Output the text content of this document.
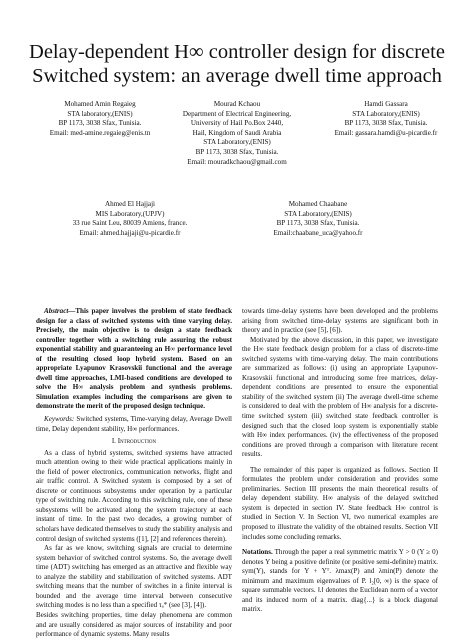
Delay-dependent H∞ controller design for discrete
Switched system: an average dwell time approach
Mohamed Amin Regaieg
STA laboratory,(ENIS)
BP 1173, 3038 Sfax, Tunisia.
Email: med-amine.regaieg@enis.tn
Mourad Kchaou
Department of Electrical Engineering,
University of Hail Po.Box 2440,
Hail, Kingdom of Saudi Arabia
STA Laboratory,(ENIS)
BP 1173, 3038 Sfax, Tunisia.
Email: mouradkchaou@gmail.com
Hamdi Gassara
STA Laboratory,(ENIS)
BP 1173, 3038 Sfax, Tunisia.
Email: gassara.hamdi@u-picardie.fr
Ahmed El Hajjaji
MIS Laboratory,(UPJV)
33 rue Saint Leu, 80039 Amiens, france.
Email: ahmed.hajjaji@u-picardie.fr
Mohamed Chaabane
STA Laboratory,(ENIS)
BP 1173, 3038 Sfax, Tunisia.
Email:chaabane_uca@yahoo.fr

Abstract—This paper involves the problem of state feedback design for a class of switched systems with time varying delay. Precisely, the main objective is to design a state feedback controller together with a switching rule assuring the robust exponential stability and guaranteeing an H∞ performance level of the resulting closed loop hybrid system. Based on an appropriate Lyapunov Krasovskii functional and the average dwell time approaches, LMI-based conditions are developed to solve the H∞ analysis problem and synthesis problems. Simulation examples including the comparisons are given to demonstrate the merit of the proposed design technique.

Keywords: Switched systems, Time-varying delay, Average Dwell time, Delay dependent stability, H∞ performances.

I. Introduction

As a class of hybrid systems, switched systems have attracted much attention owing to their wide practical applications mainly in the field of power electronics, communication networks, flight and air traffic control. A Switched system is composed by a set of discrete or continuous subsystems under operation by a particular type of switching rule. According to this switching rule, one of these subsystems will be activated along the system trajectory at each instant of time. In the past two decades, a growing number of scholars have dedicated themselves to study the stability analysis and control design of switched systems ([1], [2] and references therein).

As far as we know, switching signals are crucial to determine system behavior of switched control systems. So, the average dwell time (ADT) switching has emerged as an attractive and flexible way to analyze the stability and stabilization of switched systems. ADT switching means that the number of switches in a finite interval is bounded and the average time interval between consecutive switching modes is no less than a specified τₐ* (see [3], [4]).

Besides switching properties, time delay phenomena are common and are usually considered as major sources of instability and poor performance of dynamic systems. Many results

towards time-delay systems have been developed and the problems arising from switched time-delay systems are significant both in theory and in practice (see [5], [6]).

Motivated by the above discussion, in this paper, we investigate the H∞ state feedback design problem for a class of discrete-time switched systems with time-varying delay. The main contributions are summarized as follows: (i) using an appropriate Lyapunov-Krasovskii functional and introducing some free matrices, delay-dependent conditions are presented to ensure the exponential stability of the switched system (ii) The average dwell-time scheme is considered to deal with the problem of H∞ analysis for a discrete-time switched system (iii) switched state feedback controller is designed such that the closed loop system is exponentially stable with H∞ index performances. (iv) the effectiveness of the proposed conditions are proved through a comparison with literature recent results.

The remainder of this paper is organized as follows. Section II formulates the problem under consideration and provides some preliminaries. Section III presents the main theoretical results of delay dependent stability. H∞ analysis of the delayed switched system is depected in section IV. State feedback H∞ control is studied in Section V. In Section VI, two numerical examples are proposed to illustrate the validity of the obtained results. Section VII includes some concluding remarks.

Notations. Through the paper a real symmetric matrix Y > 0 (Y ≥ 0) denotes Y being a positive definite (or positive semi-definite) matrix. sym(Y), stands for Y + Yᵀ. λmax(P) and λmin(P) denote the minimum and maximum eigenvalues of P. l₂[0, ∞) is the space of square summable vectors. ‖.‖ denotes the Euclidean norm of a vector and its induced norm of a matrix. diag{...} is a block diagonal matrix.
